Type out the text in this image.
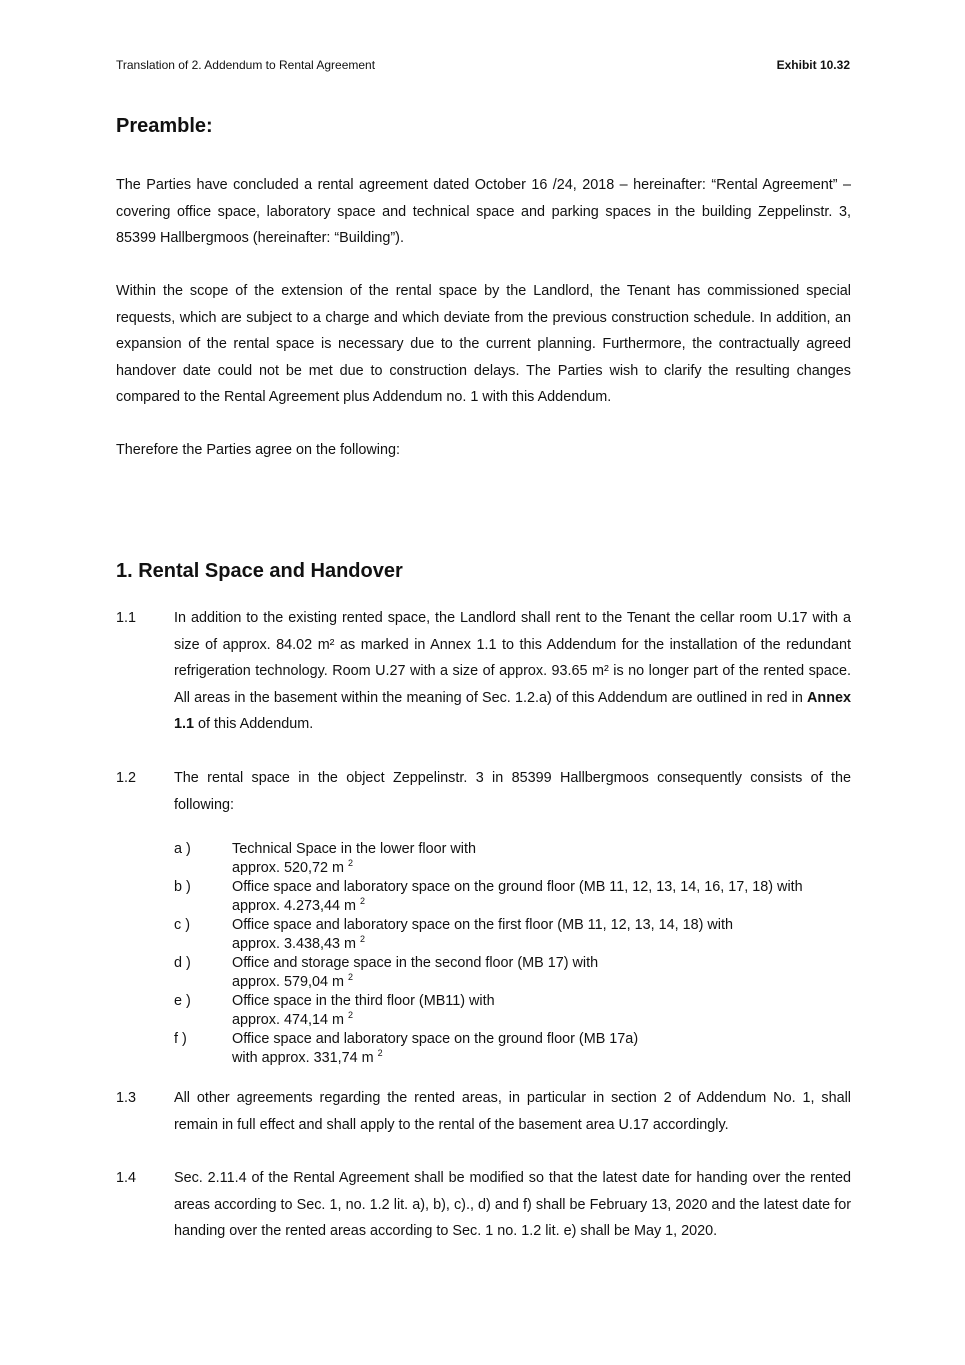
Translation of 2. Addendum to Rental Agreement	Exhibit 10.32
Preamble:

The Parties have concluded a rental agreement dated October 16 /24, 2018 – hereinafter: “Rental Agreement” – covering office space, laboratory space and technical space and parking spaces in the building Zeppelinstr. 3, 85399 Hallbergmoos (hereinafter: “Building”).

Within the scope of the extension of the rental space by the Landlord, the Tenant has commissioned special requests, which are subject to a charge and which deviate from the previous construction schedule. In addition, an expansion of the rental space is necessary due to the current planning. Furthermore, the contractually agreed handover date could not be met due to construction delays. The Parties wish to clarify the resulting changes compared to the Rental Agreement plus Addendum no. 1 with this Addendum.

Therefore the Parties agree on the following:

1. Rental Space and Handover
1.1	In addition to the existing rented space, the Landlord shall rent to the Tenant the cellar room U.17 with a size of approx. 84.02 m² as marked in Annex 1.1 to this Addendum for the installation of the redundant refrigeration technology. Room U.27 with a size of approx. 93.65 m² is no longer part of the rented space. All areas in the basement within the meaning of Sec. 1.2.a) of this Addendum are outlined in red in Annex 1.1 of this Addendum.
1.2	The rental space in the object Zeppelinstr. 3 in 85399 Hallbergmoos consequently consists of the following:
a )	Technical Space in the lower floor with
approx. 520,72 m $^2$
b )	Office space and laboratory space on the ground floor (MB 11, 12, 13, 14, 16, 17, 18) with
approx. 4.273,44 m $^2$
c )	Office space and laboratory space on the first floor (MB 11, 12, 13, 14, 18) with
approx. 3.438,43 m $^2$
d )	Office and storage space in the second floor (MB 17) with
approx. 579,04 m $^2$
e )	Office space in the third floor (MB11) with
approx. 474,14 m $^2$
f )	Office space and laboratory space on the ground floor (MB 17a)
with approx. 331,74 m $^2$
1.3	All other agreements regarding the rented areas, in particular in section 2 of Addendum No. 1, shall remain in full effect and shall apply to the rental of the basement area U.17 accordingly.
1.4	Sec. 2.11.4 of the Rental Agreement shall be modified so that the latest date for handing over the rented areas according to Sec. 1, no. 1.2 lit. a), b), c)., d) and f) shall be February 13, 2020 and the latest date for handing over the rented areas according to Sec. 1 no. 1.2 lit. e) shall be May 1, 2020.
